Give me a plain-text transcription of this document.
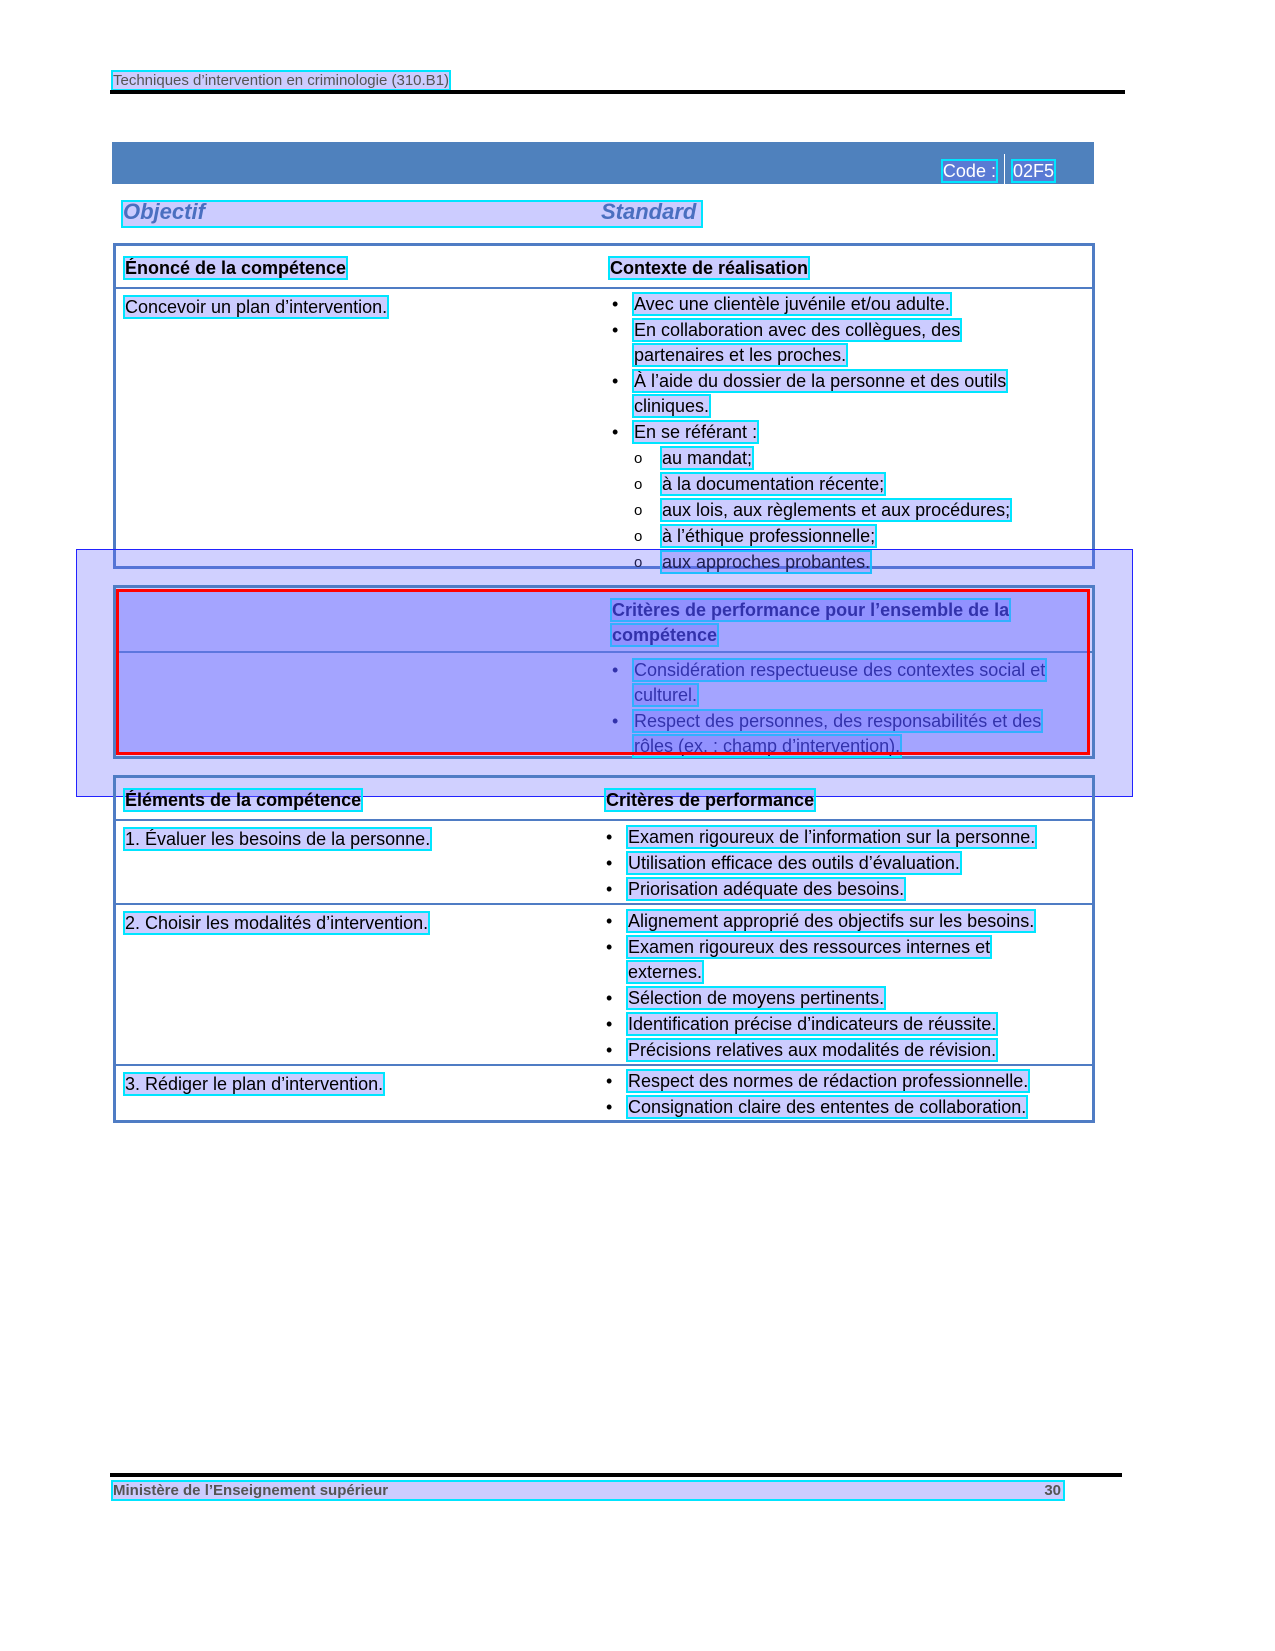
Techniques d’intervention en criminologie (310.B1)
Code : 02F5
Objectif	Standard
Énoncé de la compétence	Contexte de réalisation
Concevoir un plan d’intervention.	• Avec une clientèle juvénile et/ou adulte.
• En collaboration avec des collègues, des partenaires et les proches.
• À l’aide du dossier de la personne et des outils cliniques.
• En se référant :
o au mandat;
o à la documentation récente;
o aux lois, aux règlements et aux procédures;
o à l’éthique professionnelle;
o aux approches probantes.
Critères de performance pour l’ensemble de la compétence
• Considération respectueuse des contextes social et culturel.
• Respect des personnes, des responsabilités et des rôles (ex. : champ d’intervention).
Éléments de la compétence	Critères de performance
1. Évaluer les besoins de la personne.	• Examen rigoureux de l’information sur la personne.
• Utilisation efficace des outils d’évaluation.
• Priorisation adéquate des besoins.
2. Choisir les modalités d’intervention.	• Alignement approprié des objectifs sur les besoins.
• Examen rigoureux des ressources internes et externes.
• Sélection de moyens pertinents.
• Identification précise d’indicateurs de réussite.
• Précisions relatives aux modalités de révision.
3. Rédiger le plan d’intervention.	• Respect des normes de rédaction professionnelle.
• Consignation claire des ententes de collaboration.
Ministère de l’Enseignement supérieur	30
